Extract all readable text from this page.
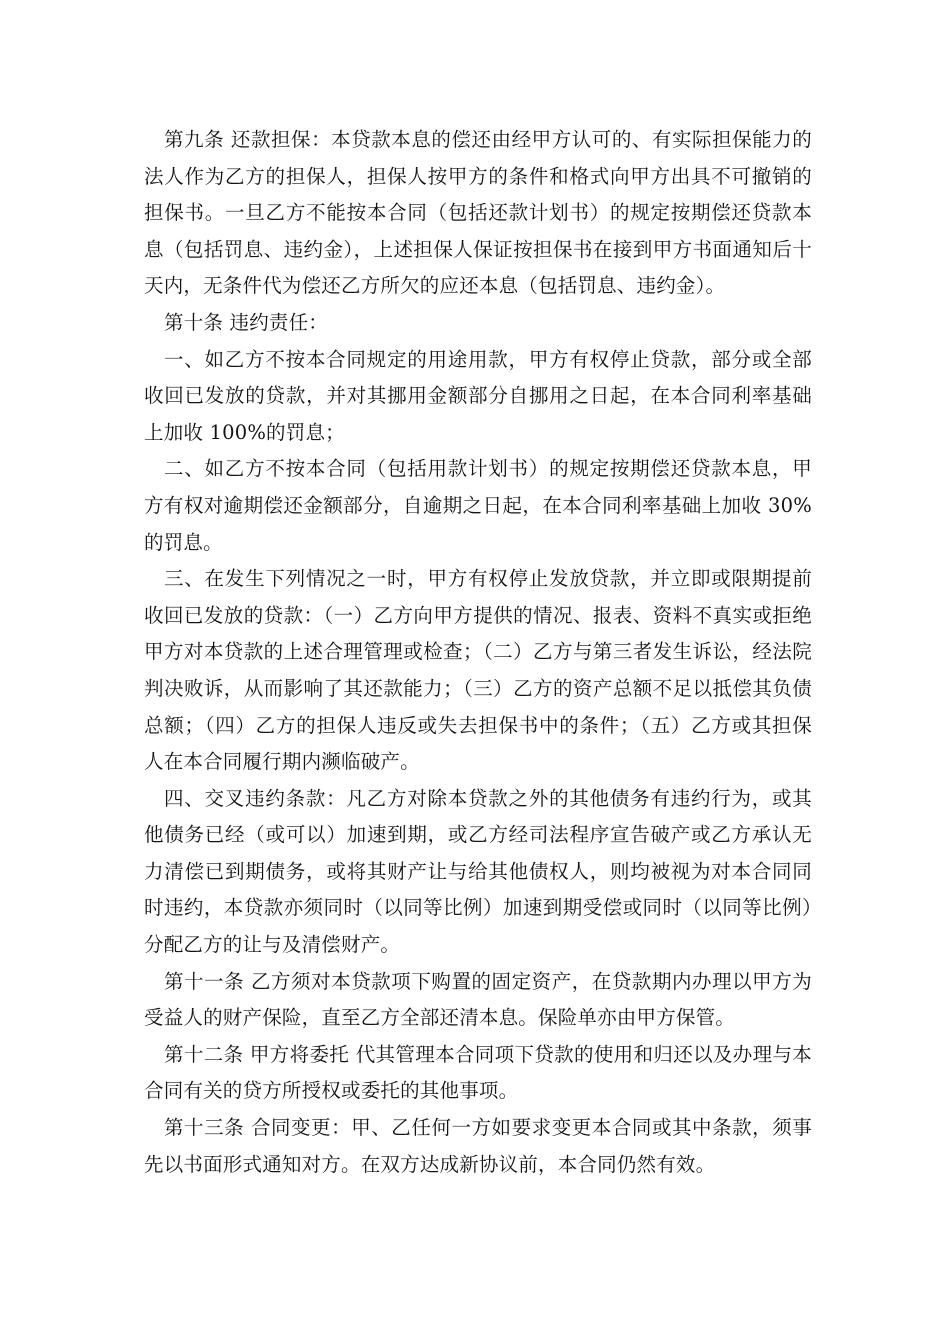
第九条 还款担保：本贷款本息的偿还由经甲方认可的、有实际担保能力的法人作为乙方的担保人，担保人按甲方的条件和格式向甲方出具不可撤销的担保书。一旦乙方不能按本合同（包括还款计划书）的规定按期偿还贷款本息（包括罚息、违约金），上述担保人保证按担保书在接到甲方书面通知后十天内，无条件代为偿还乙方所欠的应还本息（包括罚息、违约金）。

第十条 违约责任：

一、如乙方不按本合同规定的用途用款，甲方有权停止贷款，部分或全部收回已发放的贷款，并对其挪用金额部分自挪用之日起，在本合同利率基础上加收 100%的罚息；

二、如乙方不按本合同（包括用款计划书）的规定按期偿还贷款本息，甲方有权对逾期偿还金额部分，自逾期之日起，在本合同利率基础上加收 30%的罚息。

三、在发生下列情况之一时，甲方有权停止发放贷款，并立即或限期提前收回已发放的贷款：（一）乙方向甲方提供的情况、报表、资料不真实或拒绝甲方对本贷款的上述合理管理或检查；（二）乙方与第三者发生诉讼，经法院判决败诉，从而影响了其还款能力；（三）乙方的资产总额不足以抵偿其负债总额；（四）乙方的担保人违反或失去担保书中的条件；（五）乙方或其担保人在本合同履行期内濒临破产。

四、交叉违约条款：凡乙方对除本贷款之外的其他债务有违约行为，或其他债务已经（或可以）加速到期，或乙方经司法程序宣告破产或乙方承认无力清偿已到期债务，或将其财产让与给其他债权人，则均被视为对本合同同时违约，本贷款亦须同时（以同等比例）加速到期受偿或同时（以同等比例）分配乙方的让与及清偿财产。

第十一条 乙方须对本贷款项下购置的固定资产，在贷款期内办理以甲方为受益人的财产保险，直至乙方全部还清本息。保险单亦由甲方保管。

第十二条 甲方将委托 代其管理本合同项下贷款的使用和归还以及办理与本合同有关的贷方所授权或委托的其他事项。

第十三条 合同变更：甲、乙任何一方如要求变更本合同或其中条款，须事先以书面形式通知对方。在双方达成新协议前，本合同仍然有效。
